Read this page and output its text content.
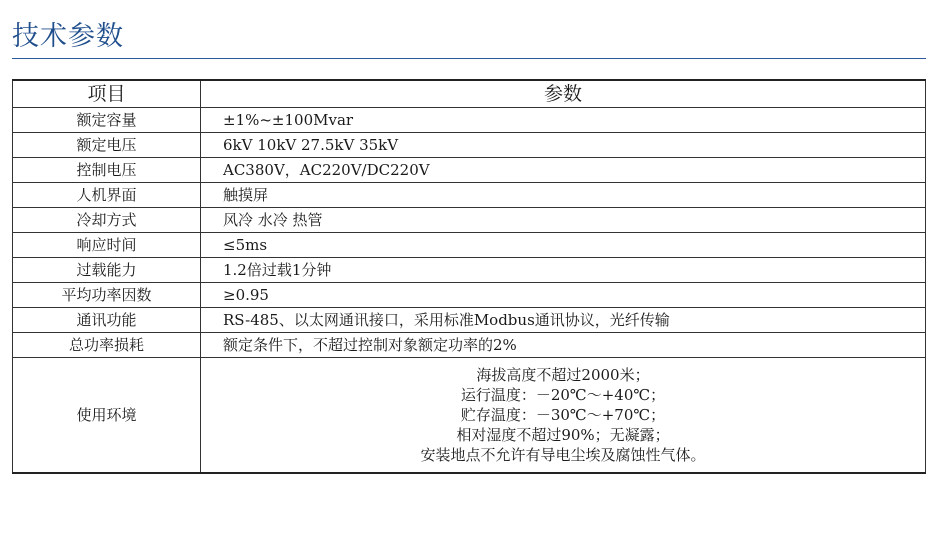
技术参数
项目	参数
额定容量	±1%~±100Mvar
额定电压	6kV 10kV 27.5kV 35kV
控制电压	AC380V，AC220V/DC220V
人机界面	触摸屏
冷却方式	风冷 水冷 热管
响应时间	≤5ms
过载能力	1.2倍过载1分钟
平均功率因数	≥0.95
通讯功能	RS-485、以太网通讯接口，采用标准Modbus通讯协议，光纤传输
总功率损耗	额定条件下，不超过控制对象额定功率的2%
使用环境	海拔高度不超过2000米；
运行温度：－20℃～+40℃；
贮存温度：－30℃～+70℃；
相对湿度不超过90%；无凝露；
安装地点不允许有导电尘埃及腐蚀性气体。
